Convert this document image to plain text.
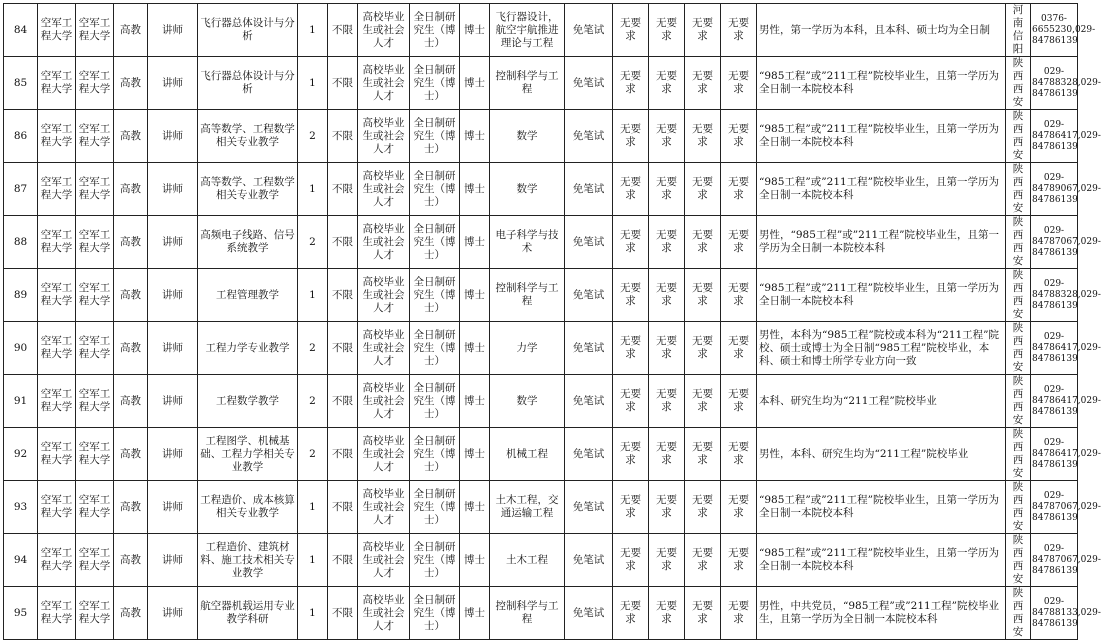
84	空军工程大学	空军工程大学	高教	讲师	飞行器总体设计与分析	1	不限	高校毕业生或社会人才	全日制研究生（博士）	博士	飞行器设计，航空宇航推进理论与工程	免笔试	无要求	无要求	无要求	无要求	男性，第一学历为本科，且本科、硕士均为全日制	河南信阳	0376-6655230,029-84786139
85	空军工程大学	空军工程大学	高教	讲师	飞行器总体设计与分析	1	不限	高校毕业生或社会人才	全日制研究生（博士）	博士	控制科学与工程	免笔试	无要求	无要求	无要求	无要求	“985工程”或”211工程”院校毕业生，且第一学历为全日制一本院校本科	陕西西安	029-84788328,029-84786139
86	空军工程大学	空军工程大学	高教	讲师	高等数学、工程数学相关专业教学	2	不限	高校毕业生或社会人才	全日制研究生（博士）	博士	数学	免笔试	无要求	无要求	无要求	无要求	“985工程”或”211工程”院校毕业生，且第一学历为全日制一本院校本科	陕西西安	029-84786417,029-84786139
87	空军工程大学	空军工程大学	高教	讲师	高等数学、工程数学相关专业教学	1	不限	高校毕业生或社会人才	全日制研究生（博士）	博士	数学	免笔试	无要求	无要求	无要求	无要求	“985工程”或”211工程”院校毕业生，且第一学历为全日制一本院校本科	陕西西安	029-84789067,029-84786139
88	空军工程大学	空军工程大学	高教	讲师	高频电子线路、信号系统教学	2	不限	高校毕业生或社会人才	全日制研究生（博士）	博士	电子科学与技术	免笔试	无要求	无要求	无要求	无要求	男性，“985工程”或”211工程”院校毕业生，且第一学历为全日制一本院校本科	陕西西安	029-84787067,029-84786139
89	空军工程大学	空军工程大学	高教	讲师	工程管理教学	1	不限	高校毕业生或社会人才	全日制研究生（博士）	博士	控制科学与工程	免笔试	无要求	无要求	无要求	无要求	“985工程”或”211工程”院校毕业生，且第一学历为全日制一本院校本科	陕西西安	029-84788328,029-84786139
90	空军工程大学	空军工程大学	高教	讲师	工程力学专业教学	2	不限	高校毕业生或社会人才	全日制研究生（博士）	博士	力学	免笔试	无要求	无要求	无要求	无要求	男性，本科为“985工程”院校或本科为“211工程”院校、硕士或博士为全日制“985工程”院校毕业，本科、硕士和博士所学专业方向一致	陕西西安	029-84786417,029-84786139
91	空军工程大学	空军工程大学	高教	讲师	工程数学教学	2	不限	高校毕业生或社会人才	全日制研究生（博士）	博士	数学	免笔试	无要求	无要求	无要求	无要求	本科、研究生均为“211工程”院校毕业	陕西西安	029-84786417,029-84786139
92	空军工程大学	空军工程大学	高教	讲师	工程图学、机械基础、工程力学相关专业教学	2	不限	高校毕业生或社会人才	全日制研究生（博士）	博士	机械工程	免笔试	无要求	无要求	无要求	无要求	男性，本科、研究生均为“211工程”院校毕业	陕西西安	029-84786417,029-84786139
93	空军工程大学	空军工程大学	高教	讲师	工程造价、成本核算相关专业教学	1	不限	高校毕业生或社会人才	全日制研究生（博士）	博士	土木工程，交通运输工程	免笔试	无要求	无要求	无要求	无要求	“985工程”或”211工程”院校毕业生，且第一学历为全日制一本院校本科	陕西西安	029-84787067,029-84786139
94	空军工程大学	空军工程大学	高教	讲师	工程造价、建筑材料、施工技术相关专业教学	1	不限	高校毕业生或社会人才	全日制研究生（博士）	博士	土木工程	免笔试	无要求	无要求	无要求	无要求	“985工程”或”211工程”院校毕业生，且第一学历为全日制一本院校本科	陕西西安	029-84787067,029-84786139
95	空军工程大学	空军工程大学	高教	讲师	航空器机载运用专业教学科研	1	不限	高校毕业生或社会人才	全日制研究生（博士）	博士	控制科学与工程	免笔试	无要求	无要求	无要求	无要求	男性，中共党员，“985工程”或”211工程”院校毕业生，且第一学历为全日制一本院校本科	陕西西安	029-84788133,029-84786139
